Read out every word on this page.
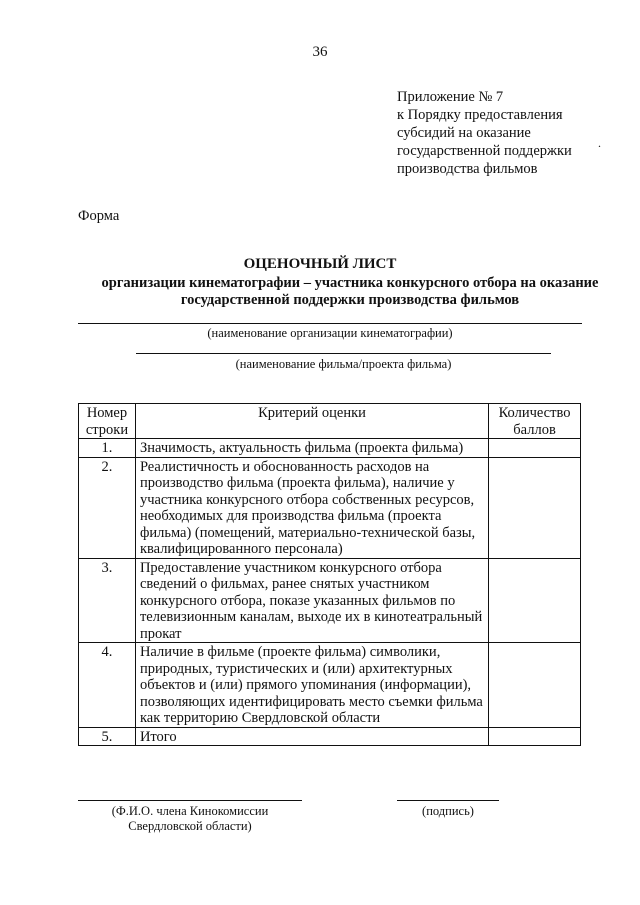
36
Приложение № 7
к Порядку предоставления
субсидий на оказание
государственной поддержки
производства фильмов
.
Форма
ОЦЕНОЧНЫЙ ЛИСТ
организации кинематографии – участника конкурсного отбора на оказание
государственной поддержки производства фильмов
(наименование организации кинематографии)
(наименование фильма/проекта фильма)
Номер строки	Критерий оценки	Количество баллов
1.	Значимость, актуальность фильма (проекта фильма)	
2.	Реалистичность и обоснованность расходов на производство фильма (проекта фильма), наличие у участника конкурсного отбора собственных ресурсов, необходимых для производства фильма (проекта фильма) (помещений, материально-технической базы, квалифицированного персонала)	
3.	Предоставление участником конкурсного отбора сведений о фильмах, ранее снятых участником конкурсного отбора, показе указанных фильмов по телевизионным каналам, выходе их в кинотеатральный прокат	
4.	Наличие в фильме (проекте фильма) символики, природных, туристических и (или) архитектурных объектов и (или) прямого упоминания (информации), позволяющих идентифицировать место съемки фильма как территорию Свердловской области	
5.	Итого	
(Ф.И.О. члена Кинокомиссии
Свердловской области)
(подпись)
